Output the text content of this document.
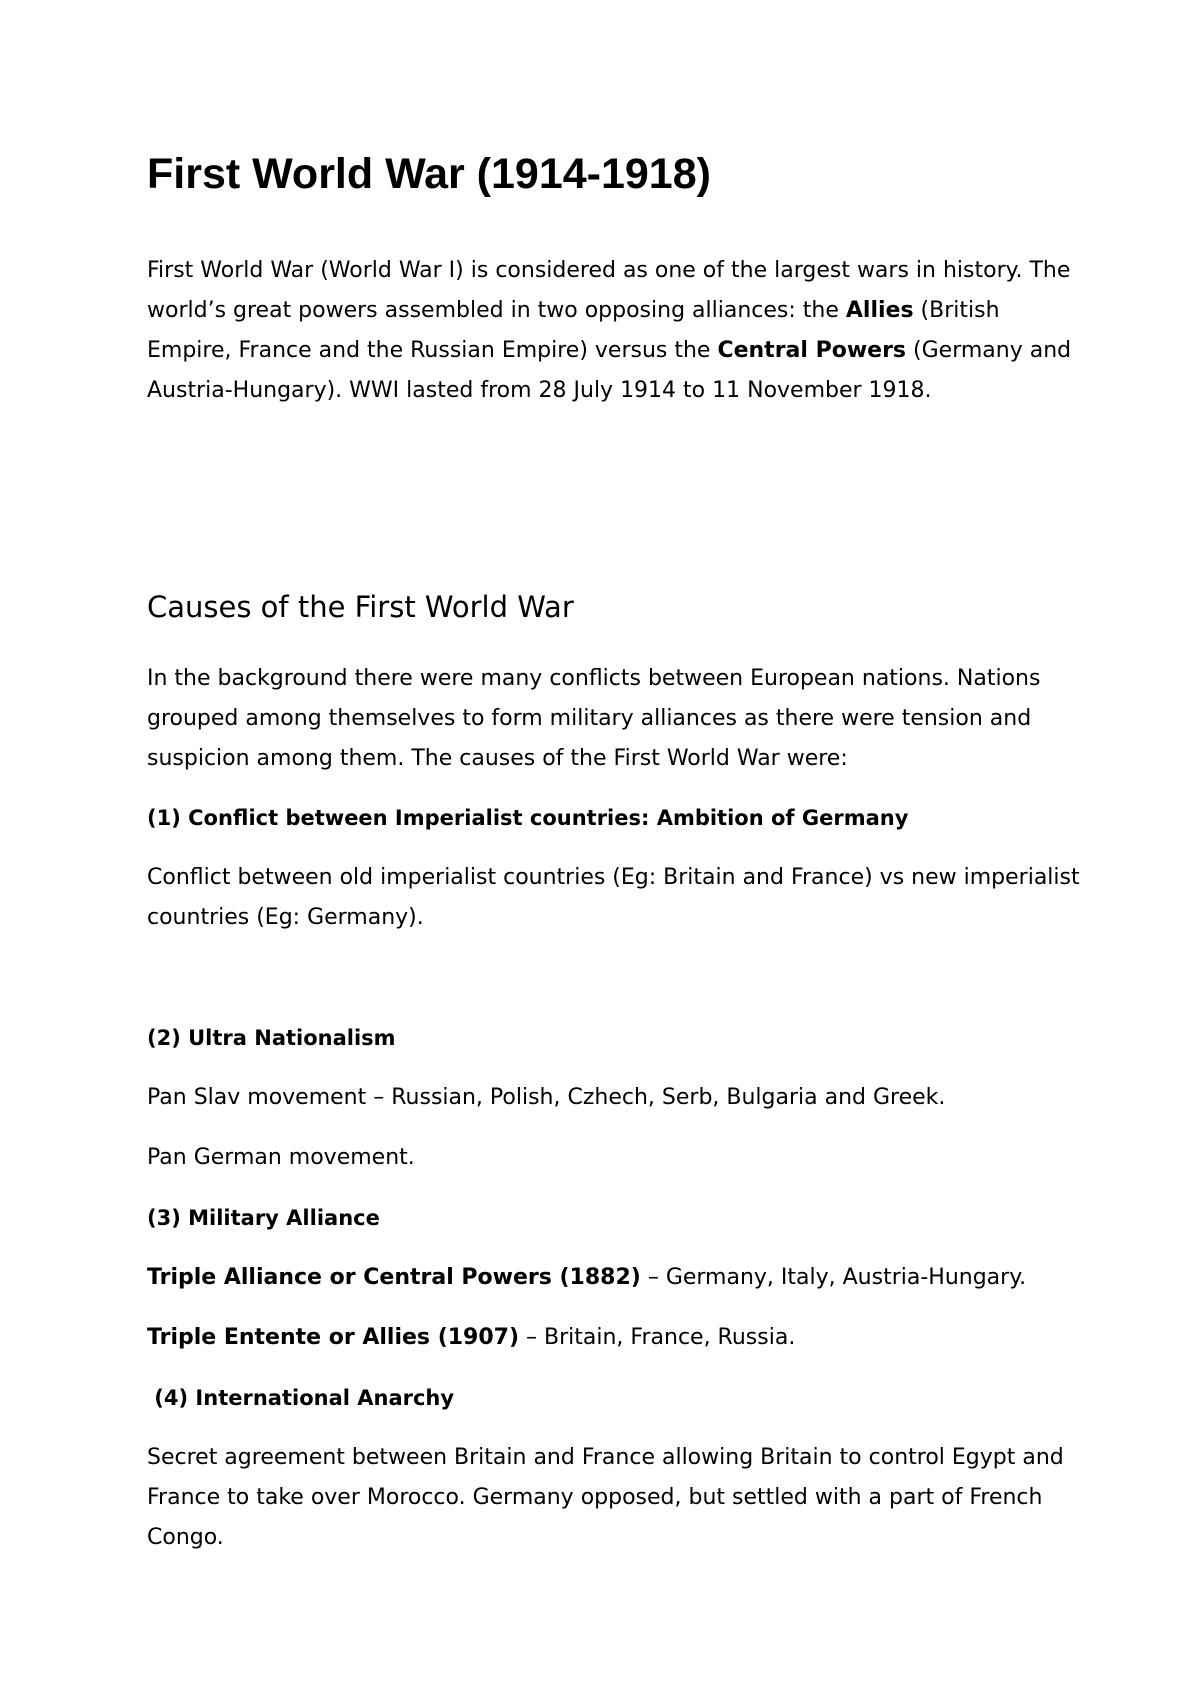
First World War (1914-1918)

First World War (World War I) is considered as one of the largest wars in history. The world’s great powers assembled in two opposing alliances: the Allies (British Empire, France and the Russian Empire) versus the Central Powers (Germany and Austria-Hungary). WWI lasted from 28 July 1914 to 11 November 1918.

Causes of the First World War

In the background there were many conflicts between European nations. Nations grouped among themselves to form military alliances as there were tension and suspicion among them. The causes of the First World War were:

(1) Conflict between Imperialist countries: Ambition of Germany

Conflict between old imperialist countries (Eg: Britain and France) vs new imperialist countries (Eg: Germany).

(2) Ultra Nationalism

Pan Slav movement – Russian, Polish, Czhech, Serb, Bulgaria and Greek.

Pan German movement.

(3) Military Alliance

Triple Alliance or Central Powers (1882) – Germany, Italy, Austria-Hungary.

Triple Entente or Allies (1907) – Britain, France, Russia.

(4) International Anarchy

Secret agreement between Britain and France allowing Britain to control Egypt and France to take over Morocco. Germany opposed, but settled with a part of French Congo.
